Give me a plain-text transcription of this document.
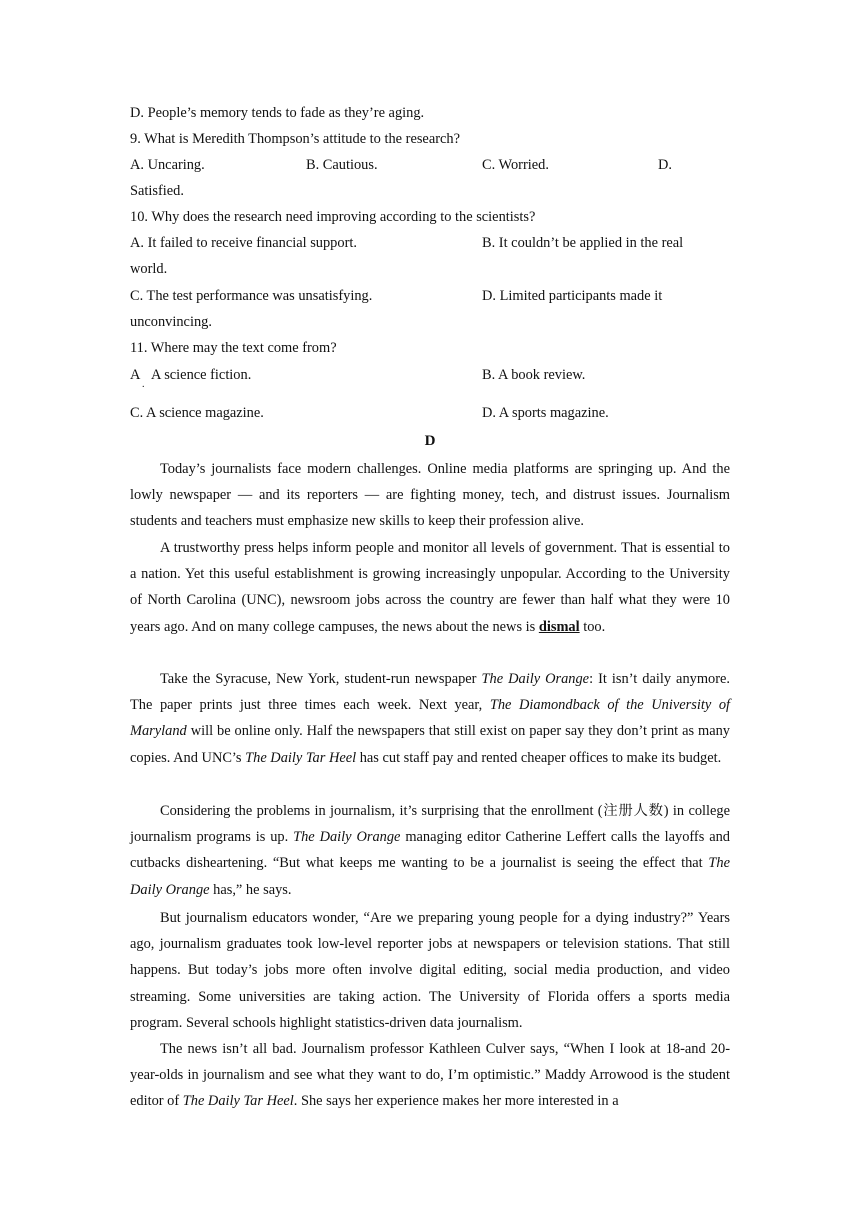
D. People’s memory tends to fade as they’re aging.
9. What is Meredith Thompson’s attitude to the research?
A. Uncaring.	B. Cautious.	C. Worried.	D.
Satisfied.
10. Why does the research need improving according to the scientists?
A. It failed to receive financial support.	B. It couldn’t be applied in the real
world.
C. The test performance was unsatisfying.	D. Limited participants made it
unconvincing.
11. Where may the text come from?
A
.
A science fiction.	B. A book review.
C. A science magazine.	D. A sports magazine.
D
Today’s journalists face modern challenges. Online media platforms are springing up. And the lowly newspaper — and its reporters — are fighting money, tech, and distrust issues. Journalism students and teachers must emphasize new skills to keep their profession alive.
A trustworthy press helps inform people and monitor all levels of government. That is essential to a nation. Yet this useful establishment is growing increasingly unpopular. According to the University of North Carolina (UNC), newsroom jobs across the country are fewer than half what they were 10 years ago. And on many college campuses, the news about the news is dismal too.
Take the Syracuse, New York, student-run newspaper The Daily Orange: It isn’t daily anymore. The paper prints just three times each week. Next year, The Diamondback of the University of Maryland will be online only. Half the newspapers that still exist on paper say they don’t print as many copies. And UNC’s The Daily Tar Heel has cut staff pay and rented cheaper offices to make its budget.
Considering the problems in journalism, it’s surprising that the enrollment (注册人数) in college journalism programs is up. The Daily Orange managing editor Catherine Leffert calls the layoffs and cutbacks disheartening. “But what keeps me wanting to be a journalist is seeing the effect that The Daily Orange has,” he says.
But journalism educators wonder, “Are we preparing young people for a dying industry?” Years ago, journalism graduates took low-level reporter jobs at newspapers or television stations. That still happens. But today’s jobs more often involve digital editing, social media production, and video streaming. Some universities are taking action. The University of Florida offers a sports media program. Several schools highlight statistics-driven data journalism.
The news isn’t all bad. Journalism professor Kathleen Culver says, “When I look at 18-and 20-year-olds in journalism and see what they want to do, I’m optimistic.” Maddy Arrowood is the student editor of The Daily Tar Heel. She says her experience makes her more interested in a
